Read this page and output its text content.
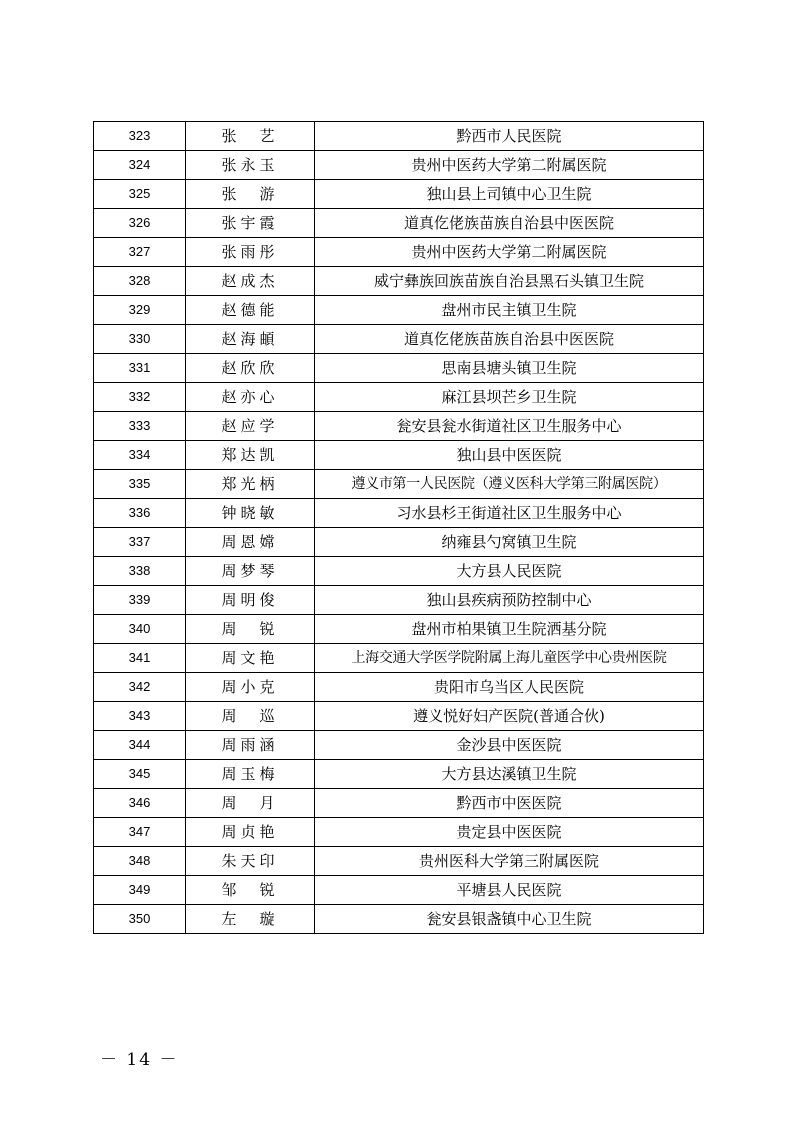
323	张　艺	黔西市人民医院
324	张永玉	贵州中医药大学第二附属医院
325	张　游	独山县上司镇中心卫生院
326	张宇霞	道真仡佬族苗族自治县中医医院
327	张雨彤	贵州中医药大学第二附属医院
328	赵成杰	威宁彝族回族苗族自治县黑石头镇卫生院
329	赵德能	盘州市民主镇卫生院
330	赵海頔	道真仡佬族苗族自治县中医医院
331	赵欣欣	思南县塘头镇卫生院
332	赵亦心	麻江县坝芒乡卫生院
333	赵应学	瓮安县瓮水街道社区卫生服务中心
334	郑达凯	独山县中医医院
335	郑光柄	遵义市第一人民医院（遵义医科大学第三附属医院）
336	钟晓敏	习水县杉王街道社区卫生服务中心
337	周恩嫦	纳雍县勺窝镇卫生院
338	周梦琴	大方县人民医院
339	周明俊	独山县疾病预防控制中心
340	周　锐	盘州市柏果镇卫生院洒基分院
341	周文艳	上海交通大学医学院附属上海儿童医学中心贵州医院
342	周小克	贵阳市乌当区人民医院
343	周　巡	遵义悦好妇产医院(普通合伙)
344	周雨涵	金沙县中医医院
345	周玉梅	大方县达溪镇卫生院
346	周　月	黔西市中医医院
347	周贞艳	贵定县中医医院
348	朱天印	贵州医科大学第三附属医院
349	邹　锐	平塘县人民医院
350	左　璇	瓮安县银盏镇中心卫生院
－ 14 －
